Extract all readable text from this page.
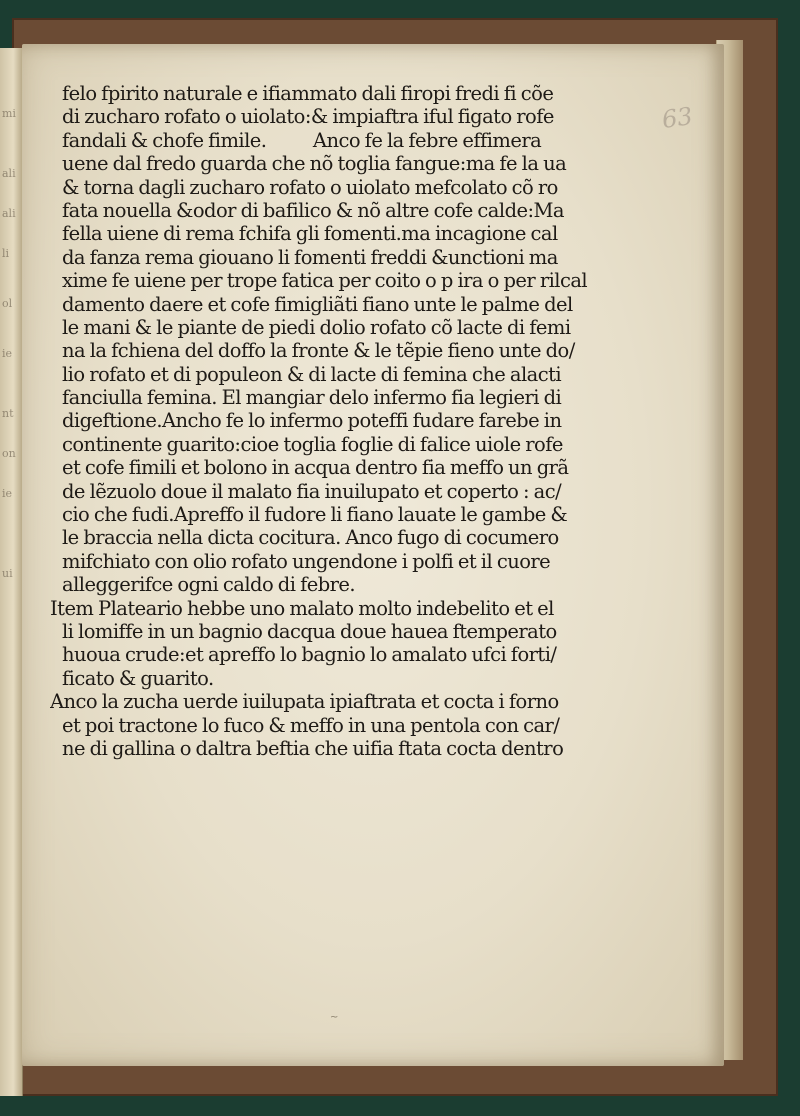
mi
ali
ali
li
ol
ie
nt
on
ie
ui
63
felo fpirito naturale e ifiammato dali firopi fredi fi cõe
di zucharo rofato o uiolato:& impiaftra iful figato rofe
fandali & chofe fimile.          Anco fe la febre effimera
uene dal fredo guarda che nõ toglia fangue:ma fe la ua
& torna dagli zucharo rofato o uiolato mefcolato cõ ro
fata nouella &odor di bafilico & nõ altre cofe calde:Ma
fella uiene di rema fchifa gli fomenti.ma incagione cal
da fanza rema giouano li fomenti freddi &unctioni ma
xime fe uiene per trope fatica per coito o p ira o per rilcal
damento daere et cofe fimigliãti fiano unte le palme del
le mani & le piante de piedi dolio rofato cõ lacte di femi
na la fchiena del doffo la fronte & le tẽpie fieno unte do/
lio rofato et di populeon & di lacte di femina che alacti
fanciulla femina. El mangiar delo infermo fia legieri di
digeftione.Ancho fe lo infermo poteffi fudare farebe in
continente guarito:cioe toglia foglie di falice uiole rofe
et cofe fimili et bolono in acqua dentro fia meffo un grã
de lẽzuolo doue il malato fia inuilupato et coperto : ac/
cio che fudi.Apreffo il fudore li fiano lauate le gambe &
le braccia nella dicta cocitura. Anco fugo di cocumero
mifchiato con olio rofato ungendone i polfi et il cuore
alleggerifce ogni caldo di febre.
Item Plateario hebbe uno malato molto indebelito et el
li lomiffe in un bagnio dacqua doue hauea ftemperato
huoua crude:et apreffo lo bagnio lo amalato ufci forti/
ficato & guarito.
Anco la zucha uerde iuilupata ipiaftrata et cocta i forno
et poi tractone lo fuco & meffo in una pentola con car/
ne di gallina o daltra beftia che uifia ftata cocta dentro
~
